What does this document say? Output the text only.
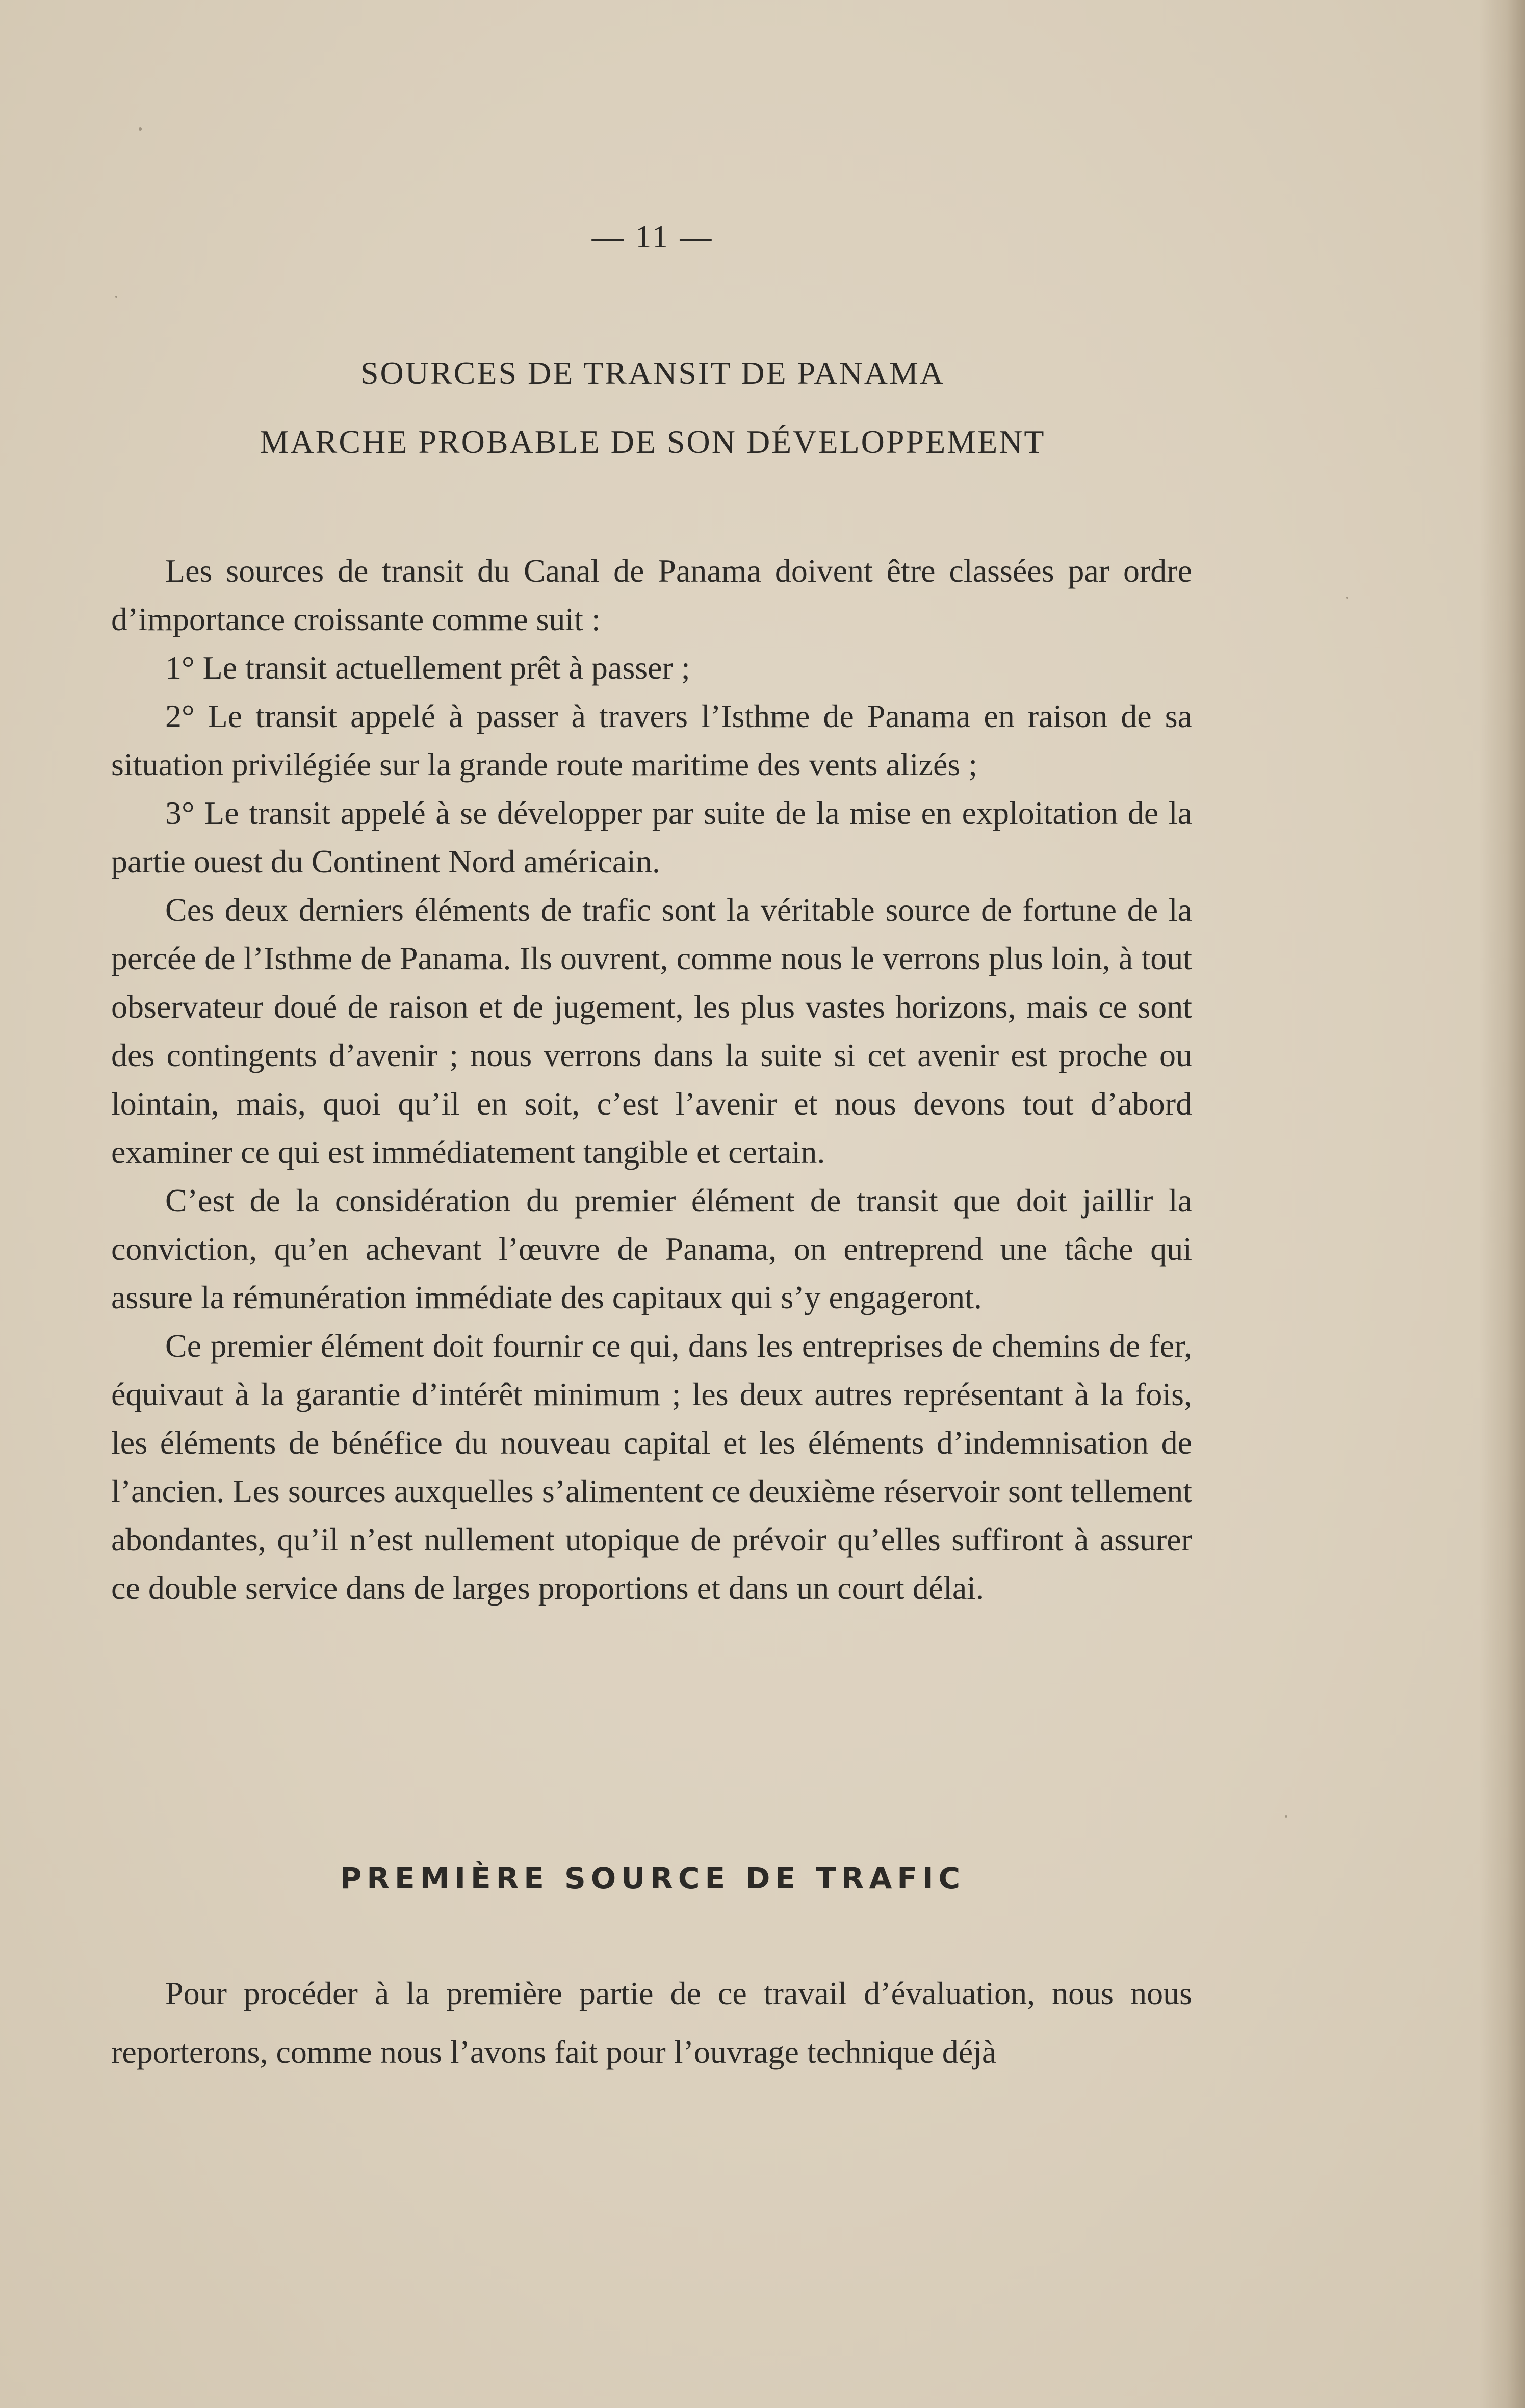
— 11 —
SOURCES DE TRANSIT DE PANAMA
MARCHE PROBABLE DE SON DÉVELOPPEMENT

Les sources de transit du Canal de Panama doivent être classées par ordre d’importance croissante comme suit :

1° Le transit actuellement prêt à passer ;

2° Le transit appelé à passer à travers l’Isthme de Panama en raison de sa situation privilégiée sur la grande route maritime des vents alizés ;

3° Le transit appelé à se développer par suite de la mise en exploitation de la partie ouest du Continent Nord américain.

Ces deux derniers éléments de trafic sont la véritable source de fortune de la percée de l’Isthme de Panama. Ils ouvrent, comme nous le verrons plus loin, à tout observateur doué de raison et de jugement, les plus vastes horizons, mais ce sont des contingents d’avenir ; nous verrons dans la suite si cet avenir est proche ou lointain, mais, quoi qu’il en soit, c’est l’avenir et nous devons tout d’abord examiner ce qui est immédiatement tangible et certain.

C’est de la considération du premier élément de transit que doit jaillir la conviction, qu’en achevant l’œuvre de Panama, on entreprend une tâche qui assure la rémunération immédiate des capitaux qui s’y engageront.

Ce premier élément doit fournir ce qui, dans les entreprises de chemins de fer, équivaut à la garantie d’intérêt minimum ; les deux autres représentant à la fois, les éléments de bénéfice du nouveau capital et les éléments d’indemnisation de l’ancien. Les sources auxquelles s’alimentent ce deuxième réservoir sont tellement abondantes, qu’il n’est nullement utopique de prévoir qu’elles suffiront à assurer ce double service dans de larges proportions et dans un court délai.

PREMIÈRE SOURCE DE TRAFIC

Pour procéder à la première partie de ce travail d’évaluation, nous nous reporterons, comme nous l’avons fait pour l’ouvrage technique déjà
